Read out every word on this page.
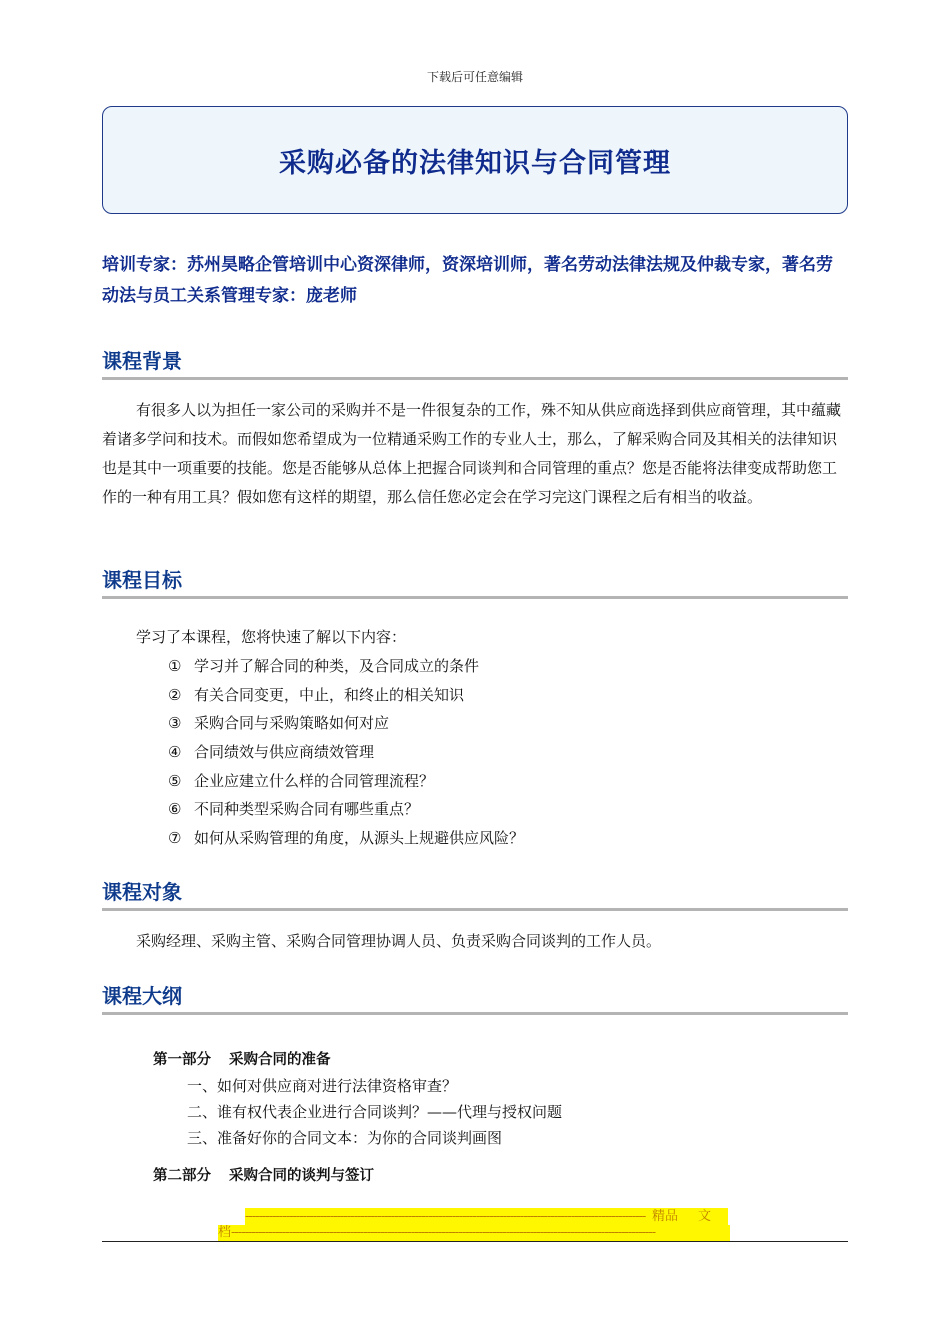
下载后可任意编辑
采购必备的法律知识与合同管理
培训专家：苏州昊略企管培训中心资深律师，资深培训师，著名劳动法律法规及仲裁专家，著名劳动法与员工关系管理专家：庞老师
课程背景

有很多人以为担任一家公司的采购并不是一件很复杂的工作，殊不知从供应商选择到供应商管理，其中蕴藏着诸多学问和技术。而假如您希望成为一位精通采购工作的专业人士，那么，了解采购合同及其相关的法律知识也是其中一项重要的技能。您是否能够从总体上把握合同谈判和合同管理的重点？您是否能将法律变成帮助您工作的一种有用工具？假如您有这样的期望，那么信任您必定会在学习完这门课程之后有相当的收益。

课程目标
学习了本课程，您将快速了解以下内容：
① 学习并了解合同的种类，及合同成立的条件
② 有关合同变更，中止，和终止的相关知识
③ 采购合同与采购策略如何对应
④ 合同绩效与供应商绩效管理
⑤ 企业应建立什么样的合同管理流程？
⑥ 不同种类型采购合同有哪些重点？
⑦ 如何从采购管理的角度，从源头上规避供应风险？
课程对象
采购经理、采购主管、采购合同管理协调人员、负责采购合同谈判的工作人员。
课程大纲
第一部分 采购合同的准备
一、如何对供应商对进行法律资格审查？
二、谁有权代表企业进行合同谈判？——代理与授权问题
三、准备好你的合同文本：为你的合同谈判画图
第二部分 采购合同的谈判与签订
---------------------------------------------------------------------------------------------------------------------- 精品	文
档-----------------------------------------------------------------------------------------------------------------------------
